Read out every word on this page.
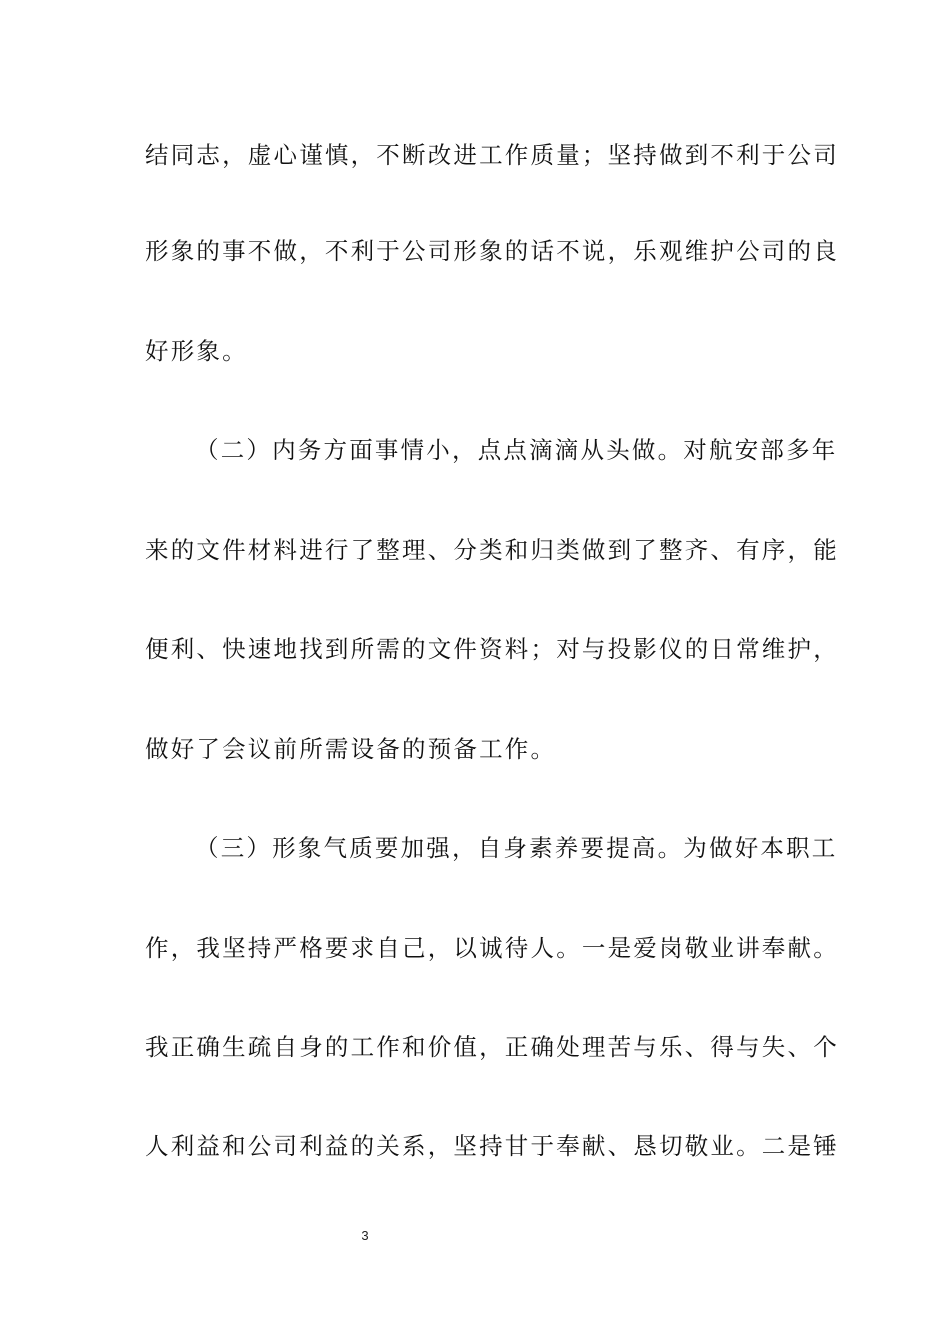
结同志，虚心谨慎，不断改进工作质量；坚持做到不利于公司
形象的事不做，不利于公司形象的话不说，乐观维护公司的良
好形象。
（二）内务方面事情小，点点滴滴从头做。对航安部多年
来的文件材料进行了整理、分类和归类做到了整齐、有序，能
便利、快速地找到所需的文件资料；对与投影仪的日常维护，
做好了会议前所需设备的预备工作。
（三）形象气质要加强，自身素养要提高。为做好本职工
作，我坚持严格要求自己，以诚待人。一是爱岗敬业讲奉献。
我正确生疏自身的工作和价值，正确处理苦与乐、得与失、个
人利益和公司利益的关系，坚持甘于奉献、恳切敬业。二是锤
3
